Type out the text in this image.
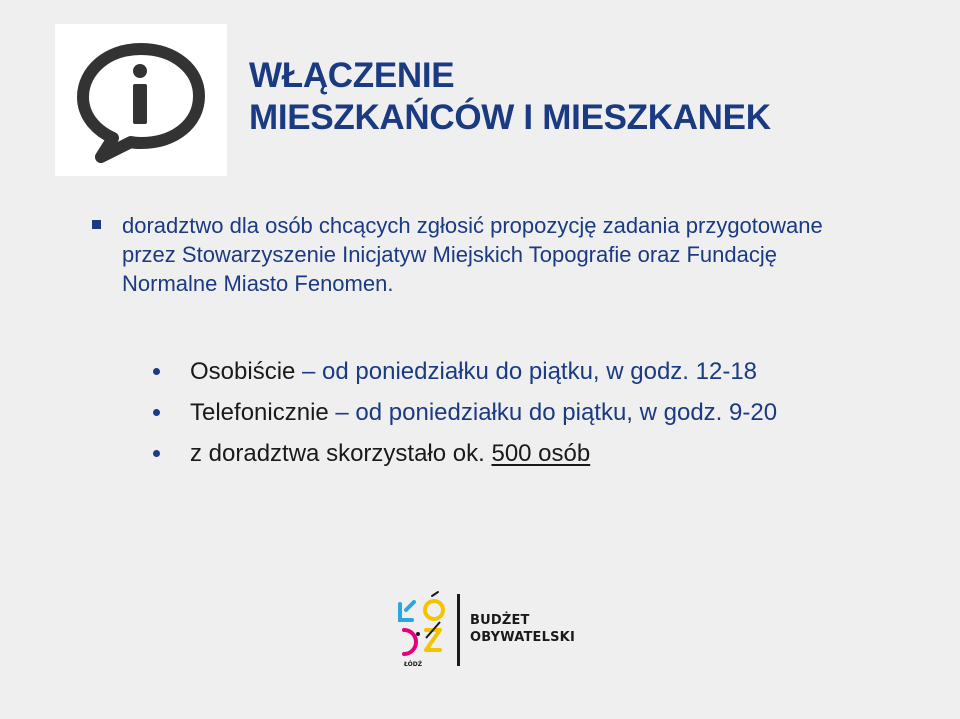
WŁĄCZENIE
MIESZKAŃCÓW I MIESZKANEK

doradztwo dla osób chcących zgłosić propozycję zadania przygotowane przez Stowarzyszenie Inicjatyw Miejskich Topografie oraz Fundację Normalne Miasto Fenomen.

Osobiście – od poniedziałku do piątku, w godz. 12-18
Telefonicznie – od poniedziałku do piątku, w godz. 9-20
z doradztwa skorzystało ok. 500 osób
ŁÓDŹ
BUDŻET
OBYWATELSKI
